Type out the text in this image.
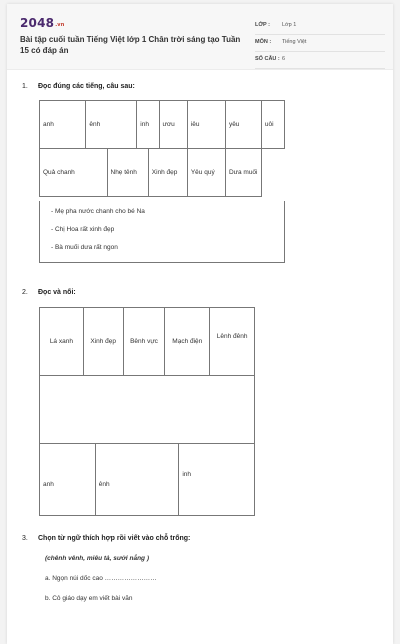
2048.vn
Bài tập cuối tuần Tiếng Việt lớp 1 Chân trời sáng tạo Tuần 15 có đáp án
LỚP : Lớp 1
MÔN : Tiếng Việt
SỐ CÂU : 6
1. Đọc đúng các tiếng, câu sau:
anh	ênh		inh		ươu	iêu	yêu	uôi
Quả chanh		Nhẹ tênh		Xinh đẹp		Yêu quý	Dưa muối	
- Mẹ pha nước chanh cho bé Na
- Chị Hoa rất xinh đẹp
- Bà muối dưa rất ngon
2. Đọc và nối:
Lá xanh	Xinh đẹp	Bênh vực	Mạch điện	Lênh đênh

anh	ênh	inh
3. Chọn từ ngữ thích hợp rồi viết vào chỗ trống:
(chênh vênh, miêu tả, sưởi nắng )
a. Ngọn núi dốc cao ……………………
b. Cô giáo dạy em viết bài văn
